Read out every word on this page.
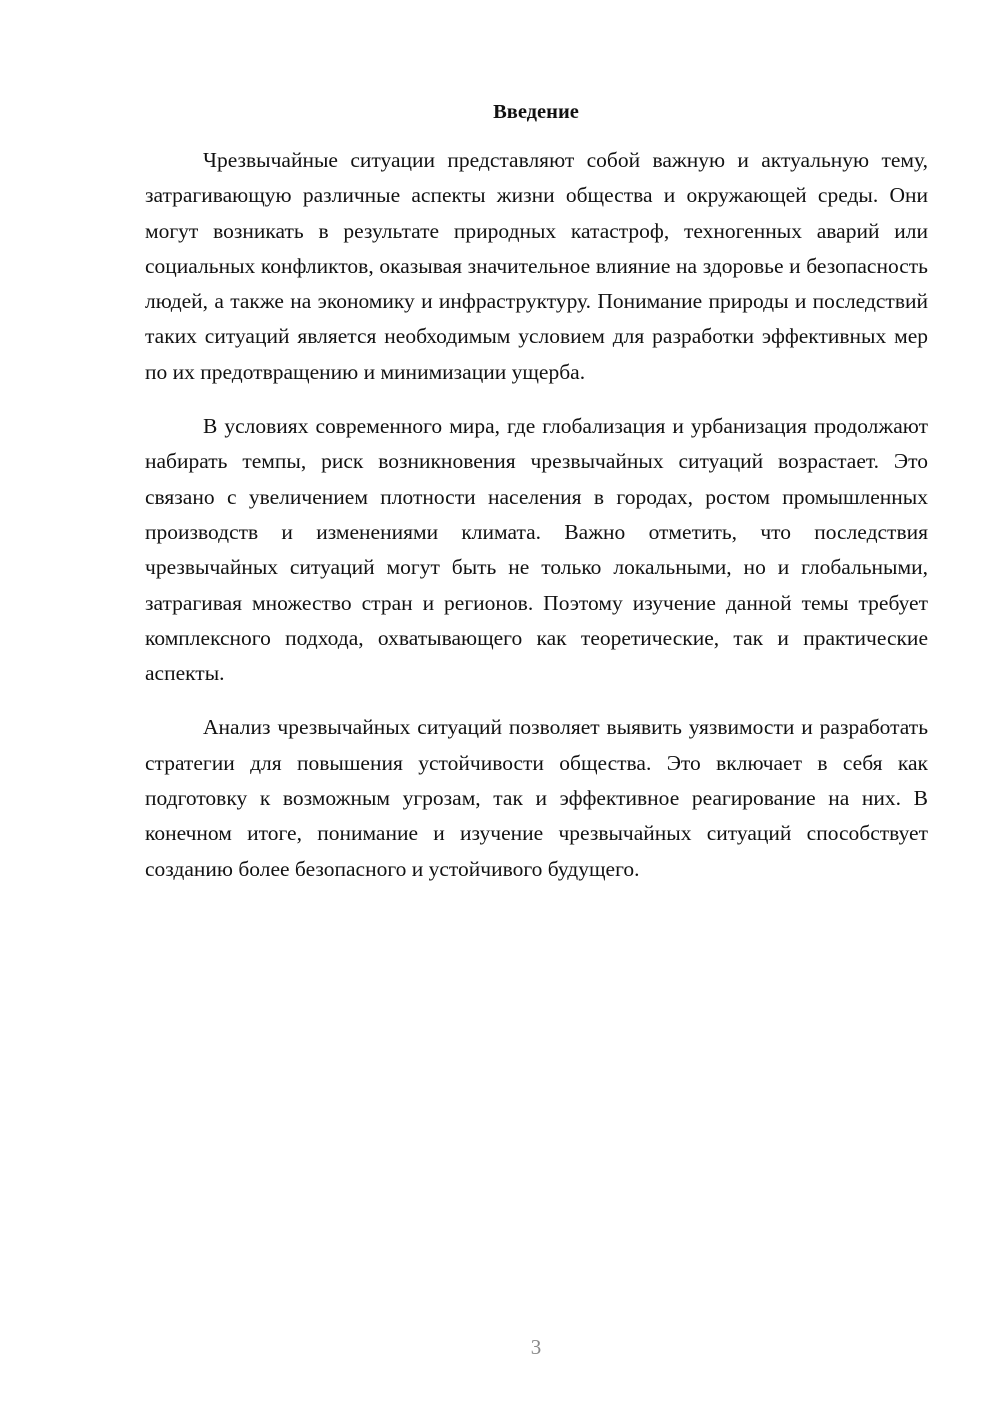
Введение

Чрезвычайные ситуации представляют собой важную и актуальную тему, затрагивающую различные аспекты жизни общества и окружающей среды. Они могут возникать в результате природных катастроф, техногенных аварий или социальных конфликтов, оказывая значительное влияние на здоровье и безопасность людей, а также на экономику и инфраструктуру. Понимание природы и последствий таких ситуаций является необходимым условием для разработки эффективных мер по их предотвращению и минимизации ущерба.

В условиях современного мира, где глобализация и урбанизация продолжают набирать темпы, риск возникновения чрезвычайных ситуаций возрастает. Это связано с увеличением плотности населения в городах, ростом промышленных производств и изменениями климата. Важно отметить, что последствия чрезвычайных ситуаций могут быть не только локальными, но и глобальными, затрагивая множество стран и регионов. Поэтому изучение данной темы требует комплексного подхода, охватывающего как теоретические, так и практические аспекты.

Анализ чрезвычайных ситуаций позволяет выявить уязвимости и разработать стратегии для повышения устойчивости общества. Это включает в себя как подготовку к возможным угрозам, так и эффективное реагирование на них. В конечном итоге, понимание и изучение чрезвычайных ситуаций способствует созданию более безопасного и устойчивого будущего.

3
